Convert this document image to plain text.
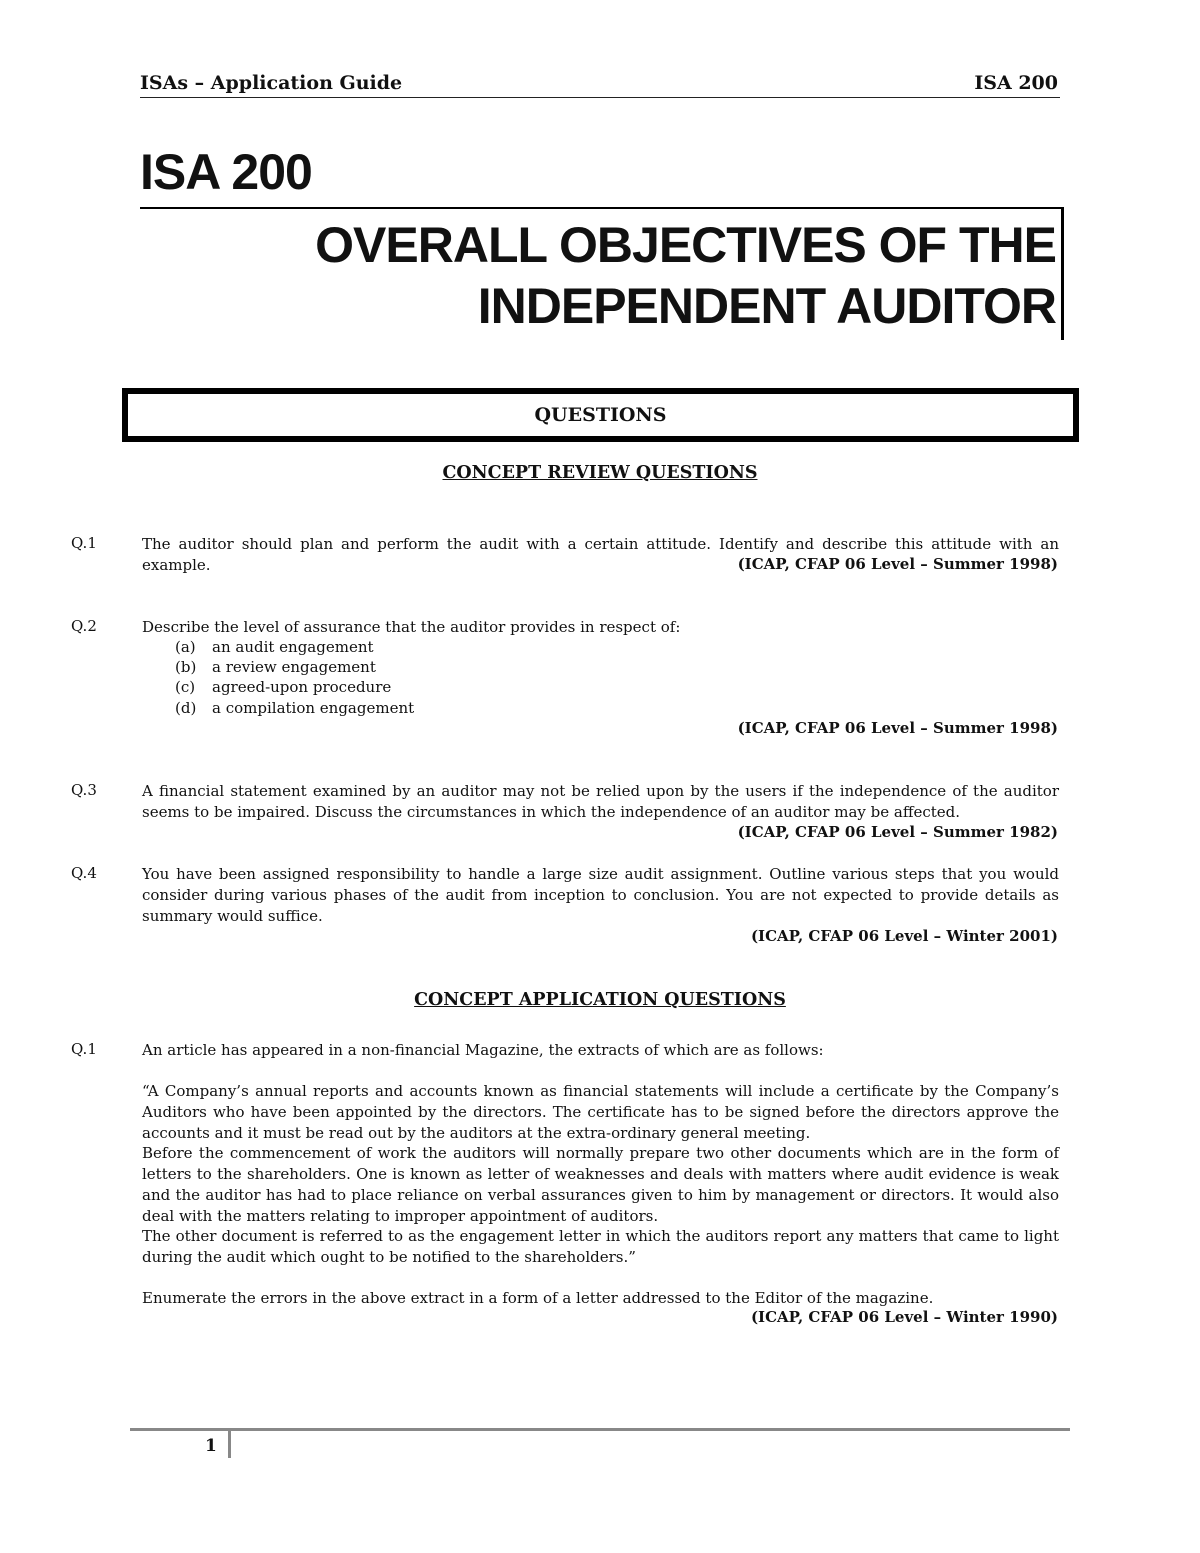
ISAs – Application Guide	ISA 200
ISA 200
OVERALL OBJECTIVES OF THE
INDEPENDENT AUDITOR
QUESTIONS
CONCEPT REVIEW QUESTIONS
Q.1	The auditor should plan and perform the audit with a certain attitude. Identify and describe this attitude with an example.	(ICAP, CFAP 06 Level – Summer 1998)
Q.2	Describe the level of assurance that the auditor provides in respect of:
(a) an audit engagement
(b) a review engagement
(c) agreed-upon procedure
(d) a compilation engagement
(ICAP, CFAP 06 Level – Summer 1998)
Q.3	A financial statement examined by an auditor may not be relied upon by the users if the independence of the auditor seems to be impaired. Discuss the circumstances in which the independence of an auditor may be affected.
(ICAP, CFAP 06 Level – Summer 1982)
Q.4	You have been assigned responsibility to handle a large size audit assignment. Outline various steps that you would consider during various phases of the audit from inception to conclusion. You are not expected to provide details as summary would suffice.
(ICAP, CFAP 06 Level – Winter 2001)
CONCEPT APPLICATION QUESTIONS
Q.1	An article has appeared in a non-financial Magazine, the extracts of which are as follows:
“A Company’s annual reports and accounts known as financial statements will include a certificate by the Company’s Auditors who have been appointed by the directors. The certificate has to be signed before the directors approve the accounts and it must be read out by the auditors at the extra-ordinary general meeting.
Before the commencement of work the auditors will normally prepare two other documents which are in the form of letters to the shareholders. One is known as letter of weaknesses and deals with matters where audit evidence is weak and the auditor has had to place reliance on verbal assurances given to him by management or directors. It would also deal with the matters relating to improper appointment of auditors.
The other document is referred to as the engagement letter in which the auditors report any matters that came to light during the audit which ought to be notified to the shareholders.”
Enumerate the errors in the above extract in a form of a letter addressed to the Editor of the magazine.
(ICAP, CFAP 06 Level – Winter 1990)
1
